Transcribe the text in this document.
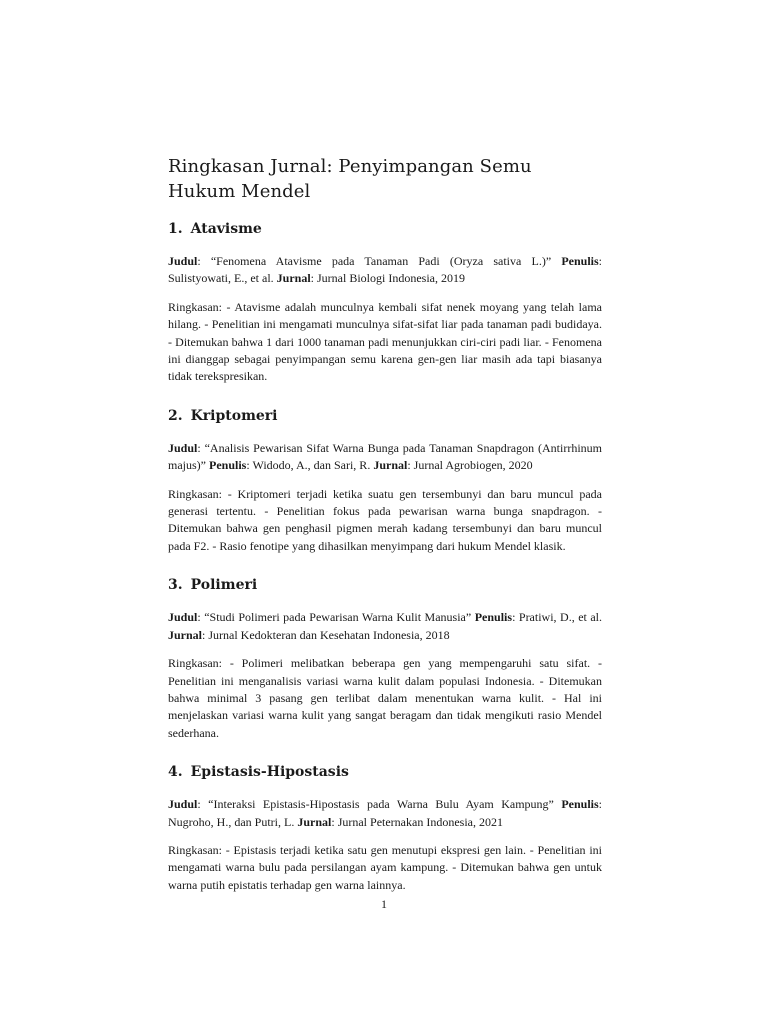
Ringkasan Jurnal: Penyimpangan Semu Hukum Mendel
1. Atavisme

Judul: “Fenomena Atavisme pada Tanaman Padi (Oryza sativa L.)” Penulis: Sulistyowati, E., et al. Jurnal: Jurnal Biologi Indonesia, 2019

Ringkasan: - Atavisme adalah munculnya kembali sifat nenek moyang yang telah lama hilang. - Penelitian ini mengamati munculnya sifat-sifat liar pada tanaman padi budidaya. - Ditemukan bahwa 1 dari 1000 tanaman padi menunjukkan ciri-ciri padi liar. - Fenomena ini dianggap sebagai penyimpangan semu karena gen-gen liar masih ada tapi biasanya tidak terekspresikan.

2. Kriptomeri

Judul: “Analisis Pewarisan Sifat Warna Bunga pada Tanaman Snapdragon (Antirrhinum majus)” Penulis: Widodo, A., dan Sari, R. Jurnal: Jurnal Agrobiogen, 2020

Ringkasan: - Kriptomeri terjadi ketika suatu gen tersembunyi dan baru muncul pada generasi tertentu. - Penelitian fokus pada pewarisan warna bunga snapdragon. - Ditemukan bahwa gen penghasil pigmen merah kadang tersembunyi dan baru muncul pada F2. - Rasio fenotipe yang dihasilkan menyimpang dari hukum Mendel klasik.

3. Polimeri

Judul: “Studi Polimeri pada Pewarisan Warna Kulit Manusia” Penulis: Pratiwi, D., et al. Jurnal: Jurnal Kedokteran dan Kesehatan Indonesia, 2018

Ringkasan: - Polimeri melibatkan beberapa gen yang mempengaruhi satu sifat. - Penelitian ini menganalisis variasi warna kulit dalam populasi Indonesia. - Ditemukan bahwa minimal 3 pasang gen terlibat dalam menentukan warna kulit. - Hal ini menjelaskan variasi warna kulit yang sangat beragam dan tidak mengikuti rasio Mendel sederhana.

4. Epistasis-Hipostasis

Judul: “Interaksi Epistasis-Hipostasis pada Warna Bulu Ayam Kampung” Penulis: Nugroho, H., dan Putri, L. Jurnal: Jurnal Peternakan Indonesia, 2021

Ringkasan: - Epistasis terjadi ketika satu gen menutupi ekspresi gen lain. - Penelitian ini mengamati warna bulu pada persilangan ayam kampung. - Ditemukan bahwa gen untuk warna putih epistatis terhadap gen warna lainnya.

1
